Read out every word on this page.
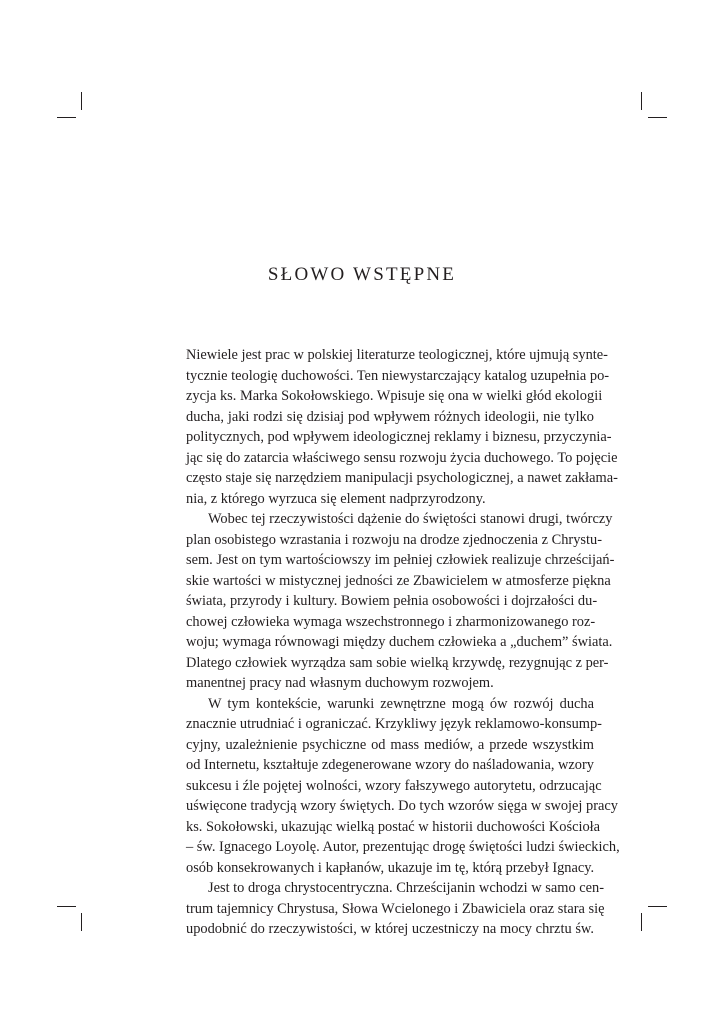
SŁOWO WSTĘPNE
Niewiele jest prac w polskiej literaturze teologicznej, które ujmują synte-
tycznie teologię duchowości. Ten niewystarczający katalog uzupełnia po-
zycja ks. Marka Sokołowskiego. Wpisuje się ona w wielki głód ekologii
ducha, jaki rodzi się dzisiaj pod wpływem różnych ideologii, nie tylko
politycznych, pod wpływem ideologicznej reklamy i biznesu, przyczynia-
jąc się do zatarcia właściwego sensu rozwoju życia duchowego. To pojęcie
często staje się narzędziem manipulacji psychologicznej, a nawet zakłama-
nia, z którego wyrzuca się element nadprzyrodzony.
Wobec tej rzeczywistości dążenie do świętości stanowi drugi, twórczy
plan osobistego wzrastania i rozwoju na drodze zjednoczenia z Chrystu-
sem. Jest on tym wartościowszy im pełniej człowiek realizuje chrześcijań-
skie wartości w mistycznej jedności ze Zbawicielem w atmosferze piękna
świata, przyrody i kultury. Bowiem pełnia osobowości i dojrzałości du-
chowej człowieka wymaga wszechstronnego i zharmonizowanego roz-
woju; wymaga równowagi między duchem człowieka a „duchem” świata.
Dlatego człowiek wyrządza sam sobie wielką krzywdę, rezygnując z per-
manentnej pracy nad własnym duchowym rozwojem.
W tym kontekście, warunki zewnętrzne mogą ów rozwój ducha
znacznie utrudniać i ograniczać. Krzykliwy język reklamowo-konsump-
cyjny, uzależnienie psychiczne od mass mediów, a przede wszystkim
od Internetu, kształtuje zdegenerowane wzory do naśladowania, wzory
sukcesu i źle pojętej wolności, wzory fałszywego autorytetu, odrzucając
uświęcone tradycją wzory świętych. Do tych wzorów sięga w swojej pracy
ks. Sokołowski, ukazując wielką postać w historii duchowości Kościoła
– św. Ignacego Loyolę. Autor, prezentując drogę świętości ludzi świeckich,
osób konsekrowanych i kapłanów, ukazuje im tę, którą przebył Ignacy.
Jest to droga chrystocentryczna. Chrześcijanin wchodzi w samo cen-
trum tajemnicy Chrystusa, Słowa Wcielonego i Zbawiciela oraz stara się
upodobnić do rzeczywistości, w której uczestniczy na mocy chrztu św.
